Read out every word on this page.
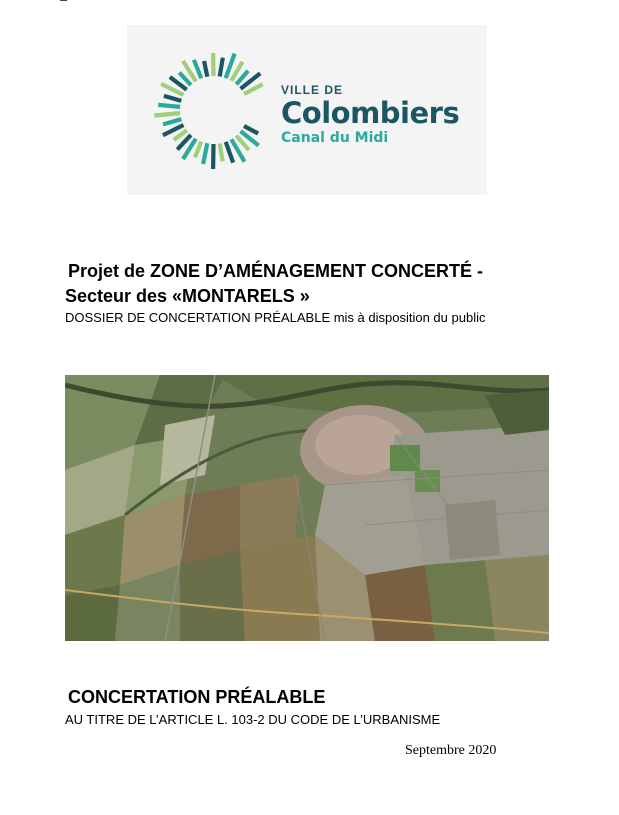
VILLE DE
Colombiers
Canal du Midi
Projet de ZONE D’AMÉNAGEMENT CONCERTÉ -
Secteur des «MONTARELS »
DOSSIER DE CONCERTATION PRÉALABLE mis à disposition du public
CONCERTATION PRÉALABLE
AU TITRE DE L’ARTICLE L. 103-2 DU CODE DE L’URBANISME
Septembre 2020
